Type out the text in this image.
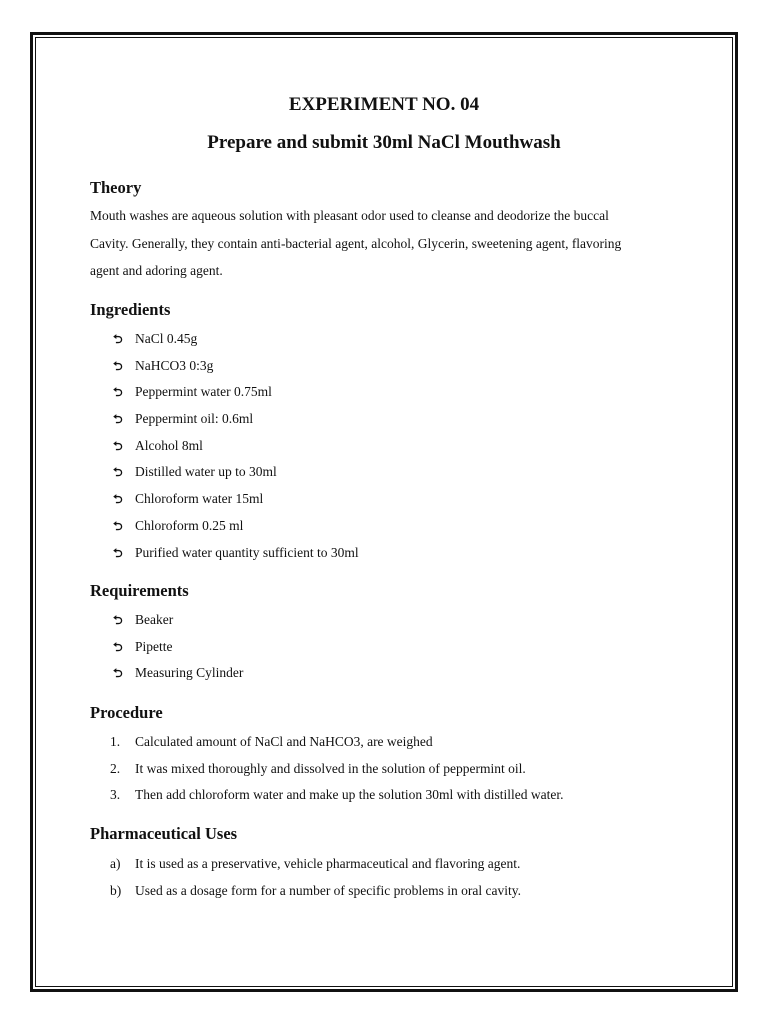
EXPERIMENT NO. 04
Prepare and submit 30ml NaCl Mouthwash
Theory

Mouth washes are aqueous solution with pleasant odor used to cleanse and deodorize the buccal
Cavity. Generally, they contain anti-bacterial agent, alcohol, Glycerin, sweetening agent, flavoring
agent and adoring agent.

Ingredients
⮌ NaCl 0.45g
⮌ NaHCO3 0:3g
⮌ Peppermint water 0.75ml
⮌ Peppermint oil: 0.6ml
⮌ Alcohol 8ml
⮌ Distilled water up to 30ml
⮌ Chloroform water 15ml
⮌ Chloroform 0.25 ml
⮌ Purified water quantity sufficient to 30ml
Requirements
⮌ Beaker
⮌ Pipette
⮌ Measuring Cylinder
Procedure
1. Calculated amount of NaCl and NaHCO3, are weighed
2. It was mixed thoroughly and dissolved in the solution of peppermint oil.
3. Then add chloroform water and make up the solution 30ml with distilled water.
Pharmaceutical Uses
a) It is used as a preservative, vehicle pharmaceutical and flavoring agent.
b) Used as a dosage form for a number of specific problems in oral cavity.
